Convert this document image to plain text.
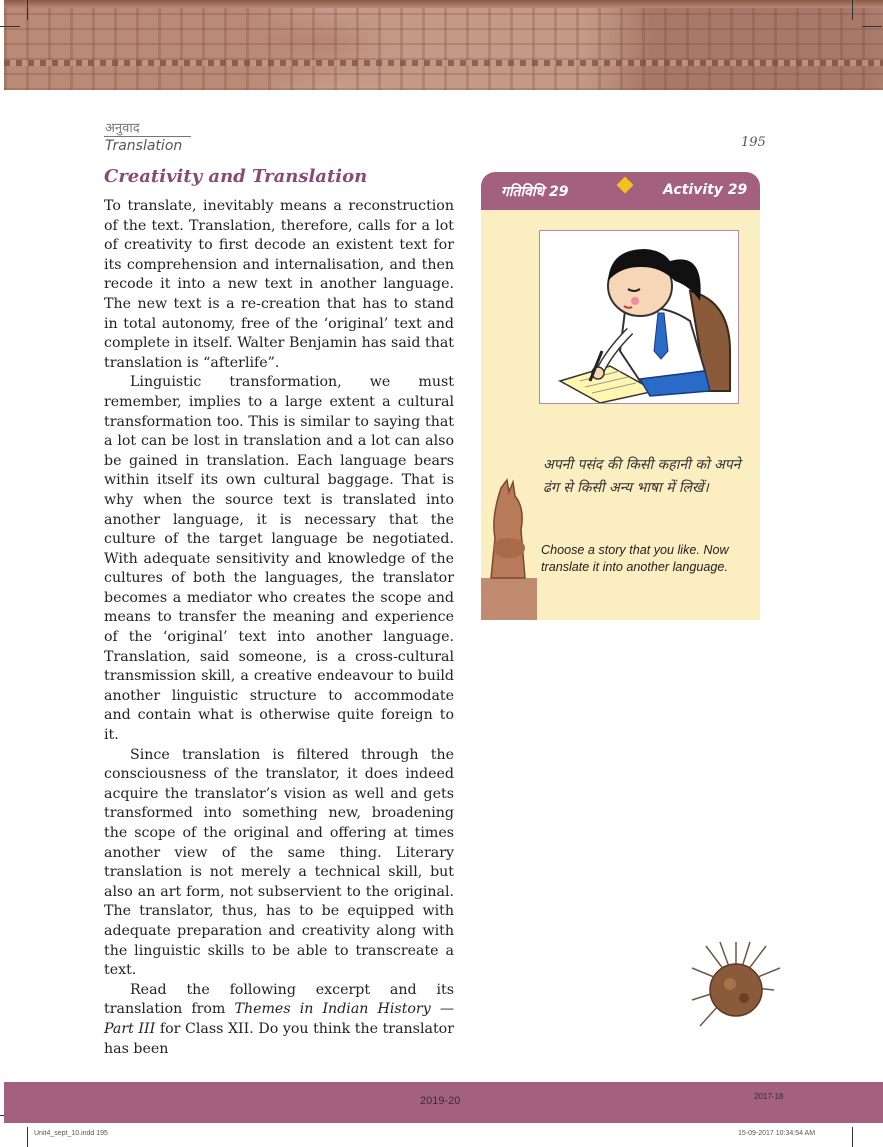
अनुवाद
Translation	195
Creativity and Translation

To translate, inevitably means a reconstruction of the text. Translation, therefore, calls for a lot of creativity to first decode an existent text for its comprehension and internalisation, and then recode it into a new text in another language. The new text is a re-creation that has to stand in total autonomy, free of the ‘original’ text and complete in itself. Walter Benjamin has said that translation is “afterlife”.

Linguistic transformation, we must remember, implies to a large extent a cultural transformation too. This is similar to saying that a lot can be lost in translation and a lot can also be gained in translation. Each language bears within itself its own cultural baggage. That is why when the source text is translated into another language, it is necessary that the culture of the target language be negotiated. With adequate sensitivity and knowledge of the cultures of both the languages, the translator becomes a mediator who creates the scope and means to transfer the meaning and experience of the ‘original’ text into another language. Translation, said someone, is a cross-cultural transmission skill, a creative endeavour to build another linguistic structure to accommodate and contain what is otherwise quite foreign to it.

Since translation is filtered through the consciousness of the translator, it does indeed acquire the translator’s vision as well and gets transformed into something new, broadening the scope of the original and offering at times another view of the same thing. Literary translation is not merely a technical skill, but also an art form, not subservient to the original. The translator, thus, has to be equipped with adequate preparation and creativity along with the linguistic skills to be able to transcreate a text.

Read the following excerpt and its translation from Themes in Indian History — Part III for Class XII. Do you think the translator has been

गतिविधि 29	Activity 29
अपनी पसंद की किसी कहानी को अपने ढंग से किसी अन्य भाषा में लिखें।
Choose a story that you like. Now translate it into another language.
2019-20	2017-18
Unit4_sept_10.indd 195	15-09-2017 10:34:54 AM
